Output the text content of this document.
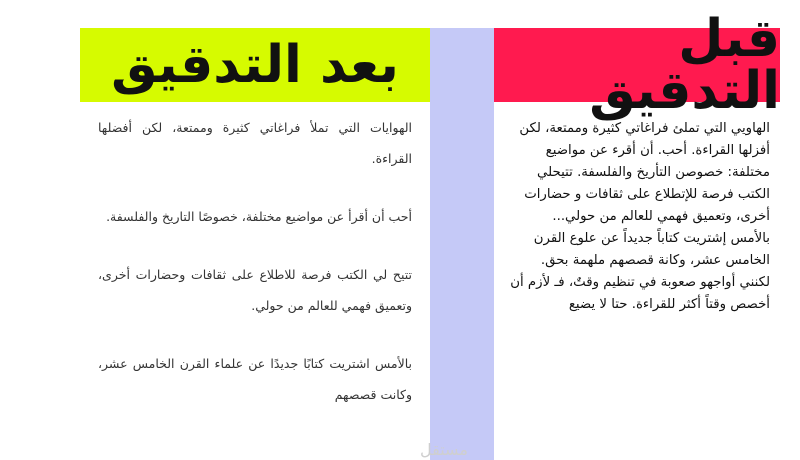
بعد التدقيق

الهوايات التي تملأ فراغاتي كثيرة وممتعة، لكن أفضلها القراءة.

أحب أن أقرأ عن مواضيع مختلفة، خصوصًا التاريخ والفلسفة.

تتيح لي الكتب فرصة للاطلاع على ثقافات وحضارات أخرى، وتعميق فهمي للعالم من حولي.

بالأمس اشتريت كتابًا جديدًا عن علماء القرن الخامس عشر، وكانت قصصهم

قبل التدقيق

الهاويي التي تملئ فراغاتي كثيرة وممتعة، لكن أفزلها القراءة. أحب. أن أقرء عن مواضيع مختلفة: خصوصن التأريخ والفلسفة. تتيحلي الكتب فرصة للإتطلاع على ثقافات و حضارات أخرى، وتعميق فهمي للعالم من حولي...

بالأمس إشتريت كتاباً جديداً عن علوع القرن الخامس عشر، وكانة قصصهم ملهمة بحق.

لكنني أواجهو صعوبة في تنظيم وقتٌ، فـ لأزم أن أخصص وقتاً أكثر للقراءة. حتا لا يضيع

مستقل
